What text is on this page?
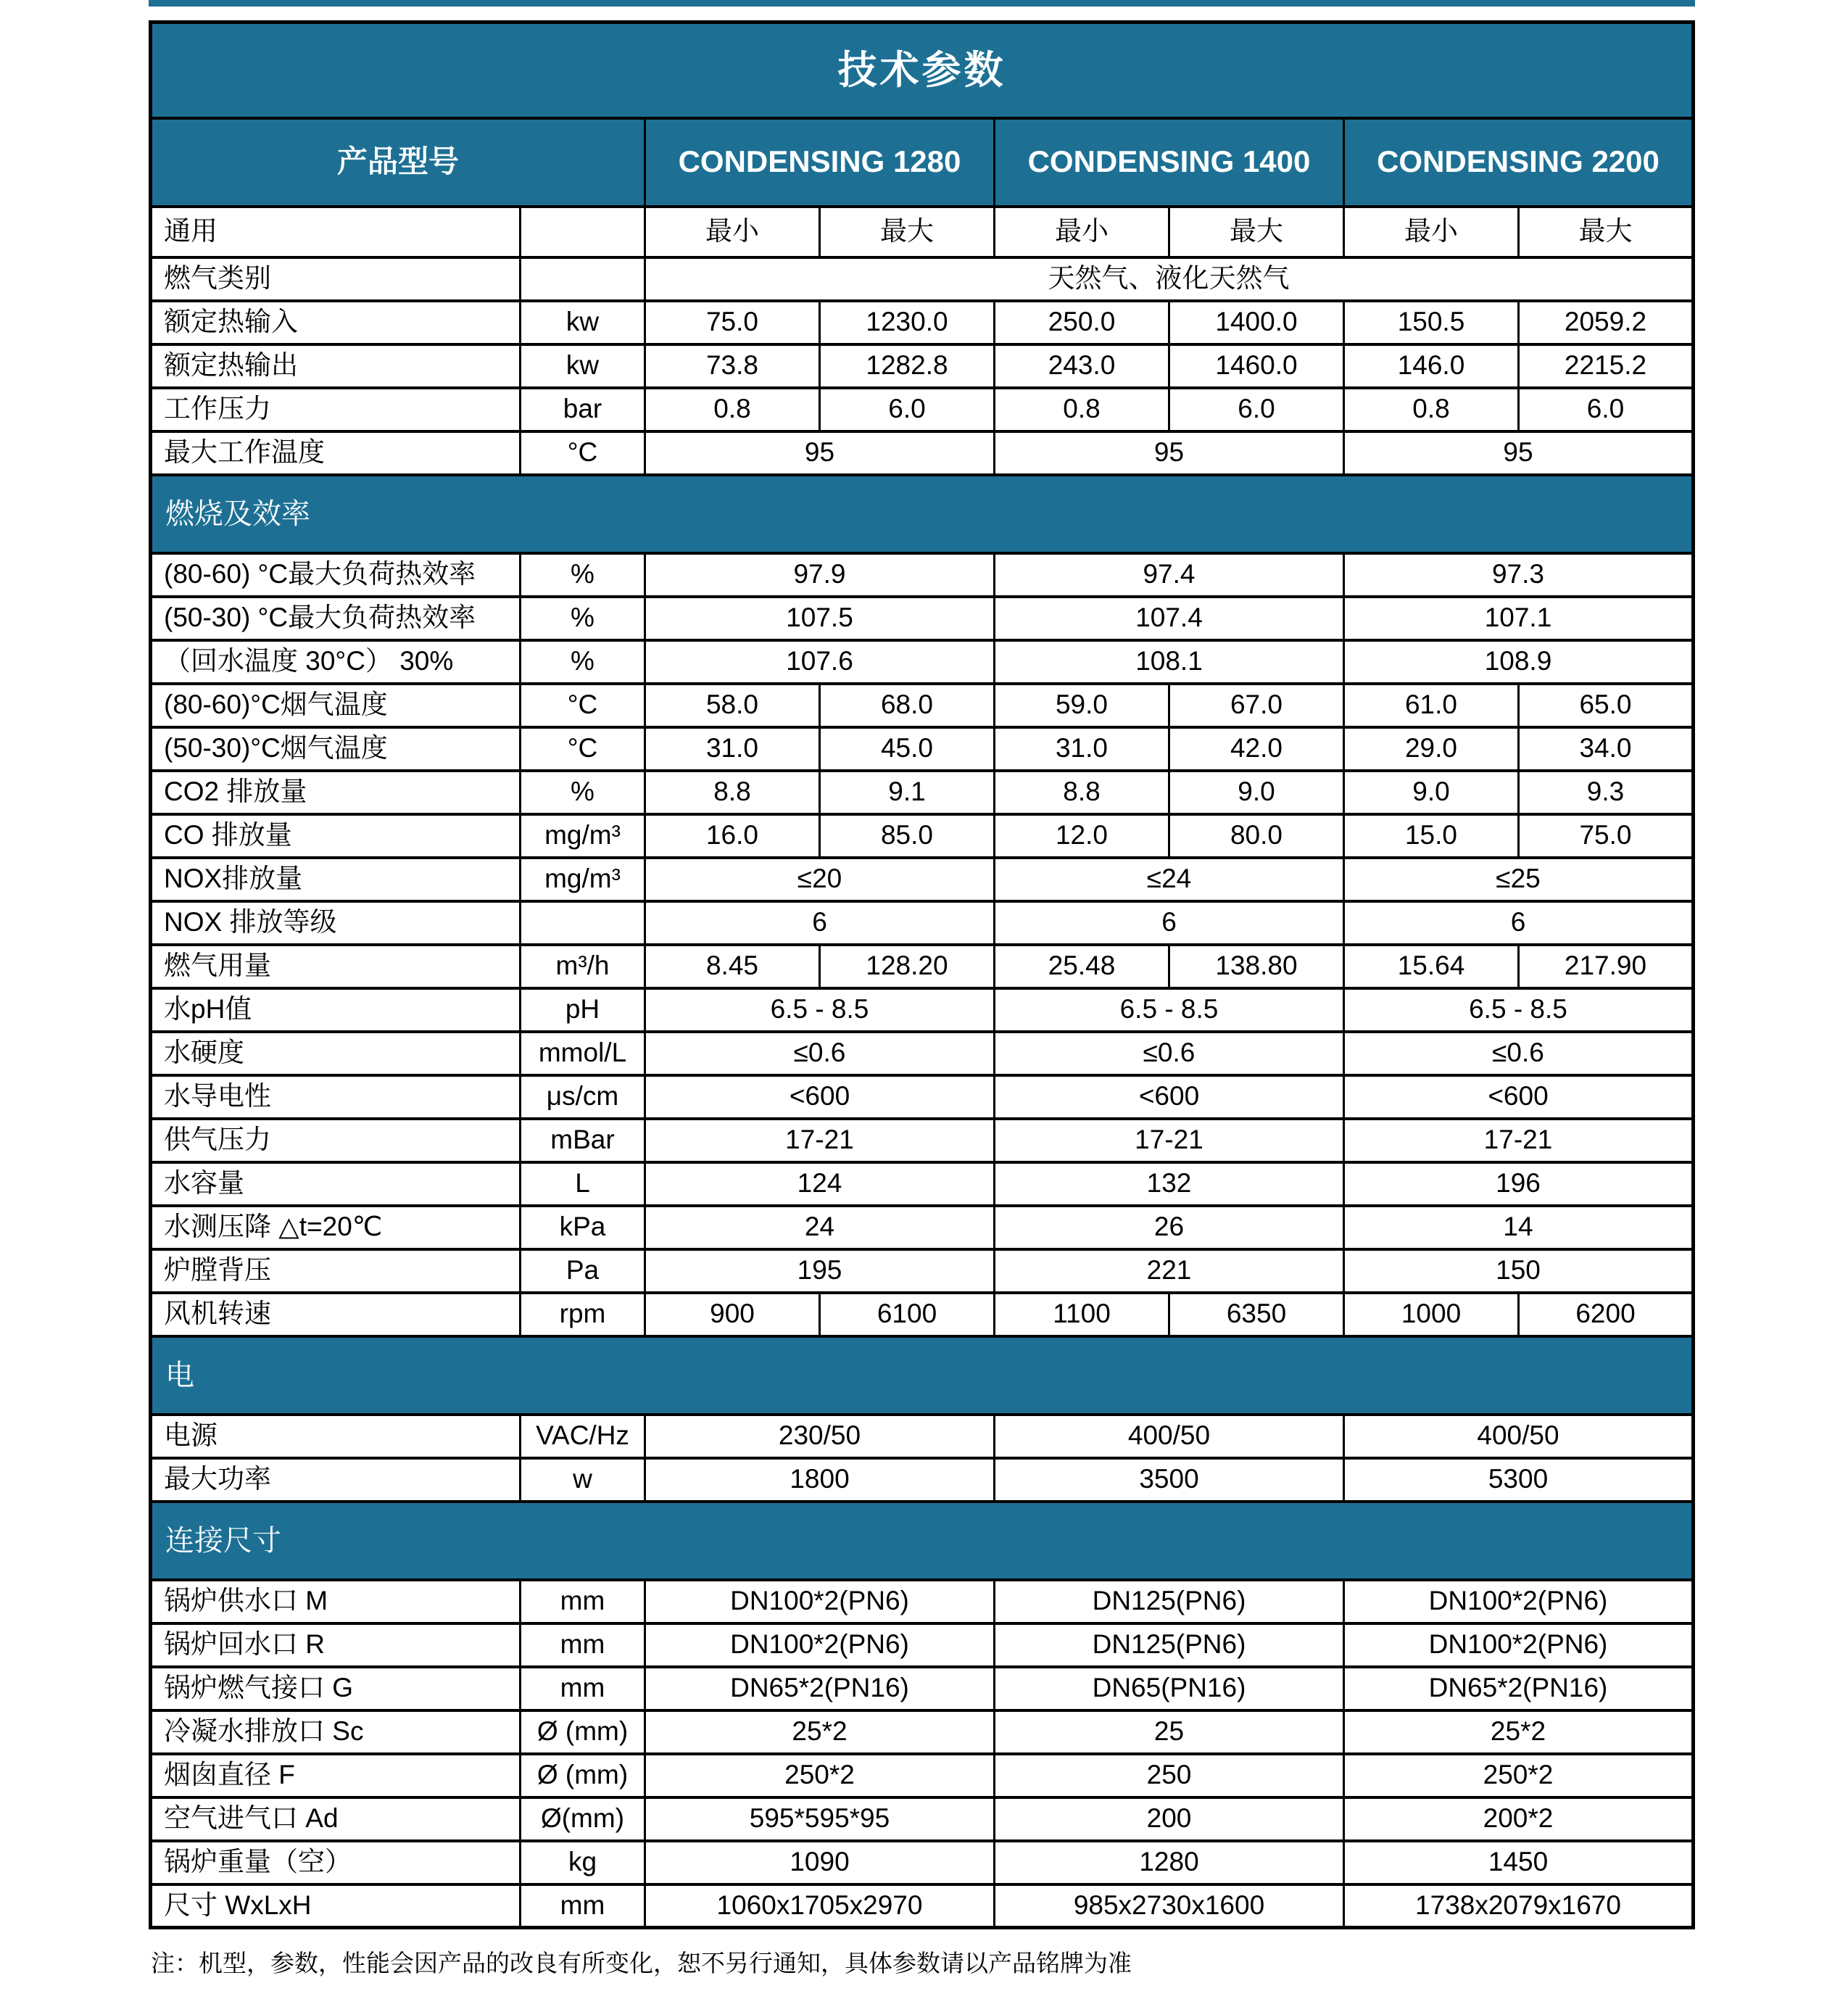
技术参数							
产品型号		CONDENSING 1280		CONDENSING 1400		CONDENSING 2200	
通用		最小	最大	最小	最大	最小	最大
燃气类别		天然气、液化天然气					
额定热输入	kw	75.0	1230.0	250.0	1400.0	150.5	2059.2
额定热输出	kw	73.8	1282.8	243.0	1460.0	146.0	2215.2
工作压力	bar	0.8	6.0	0.8	6.0	0.8	6.0
最大工作温度	°C	95		95		95	
燃烧及效率							
(80-60) °C最大负荷热效率	%	97.9		97.4		97.3	
(50-30) °C最大负荷热效率	%	107.5		107.4		107.1	
（回水温度 30°C） 30%	%	107.6		108.1		108.9	
(80-60)°C烟气温度	°C	58.0	68.0	59.0	67.0	61.0	65.0
(50-30)°C烟气温度	°C	31.0	45.0	31.0	42.0	29.0	34.0
CO2 排放量	%	8.8	9.1	8.8	9.0	9.0	9.3
CO 排放量	mg/m³	16.0	85.0	12.0	80.0	15.0	75.0
NOX排放量	mg/m³	≤20		≤24		≤25	
NOX 排放等级		6		6		6	
燃气用量	m³/h	8.45	128.20	25.48	138.80	15.64	217.90
水pH值	pH	6.5 - 8.5		6.5 - 8.5		6.5 - 8.5	
水硬度	mmol/L	≤0.6		≤0.6		≤0.6	
水导电性	μs/cm	<600		<600		<600	
供气压力	mBar	17-21		17-21		17-21	
水容量	L	124		132		196	
水测压降 △t=20℃	kPa	24		26		14	
炉膛背压	Pa	195		221		150	
风机转速	rpm	900	6100	1100	6350	1000	6200
电							
电源	VAC/Hz	230/50		400/50		400/50	
最大功率	w	1800		3500		5300	
连接尺寸							
锅炉供水口 M	mm	DN100*2(PN6)		DN125(PN6)		DN100*2(PN6)	
锅炉回水口 R	mm	DN100*2(PN6)		DN125(PN6)		DN100*2(PN6)	
锅炉燃气接口 G	mm	DN65*2(PN16)		DN65(PN16)		DN65*2(PN16)	
冷凝水排放口 Sc	Ø (mm)	25*2		25		25*2	
烟囱直径 F	Ø (mm)	250*2		250		250*2	
空气进气口 Ad	Ø(mm)	595*595*95		200		200*2	
锅炉重量（空）	kg	1090		1280		1450	
尺寸 WxLxH	mm	1060x1705x2970		985x2730x1600		1738x2079x1670	
注：机型，参数，性能会因产品的改良有所变化，恕不另行通知，具体参数请以产品铭牌为准
